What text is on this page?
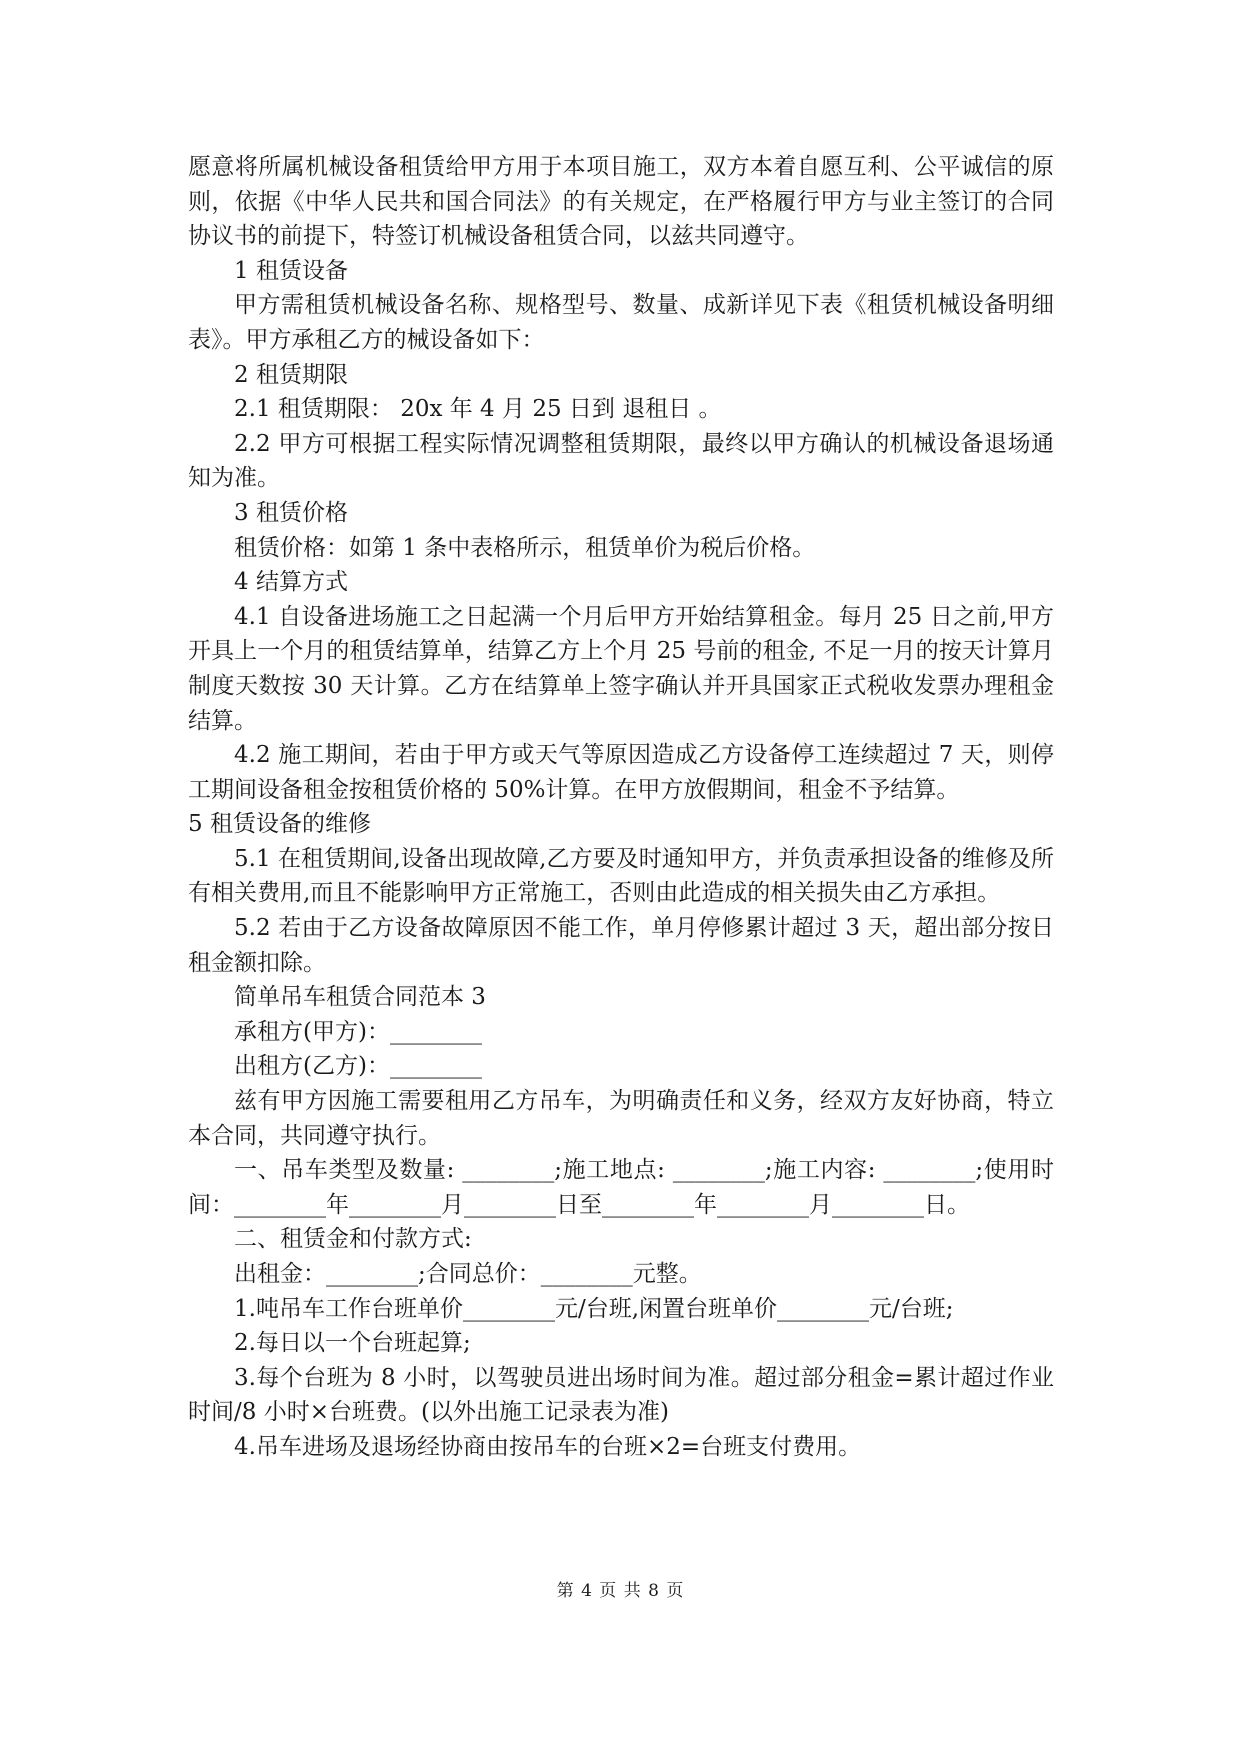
愿意将所属机械设备租赁给甲方用于本项目施工，双方本着自愿互利、公平诚信的原则，依据《中华人民共和国合同法》的有关规定，在严格履行甲方与业主签订的合同协议书的前提下，特签订机械设备租赁合同，以兹共同遵守。

1 租赁设备

甲方需租赁机械设备名称、规格型号、数量、成新详见下表《租赁机械设备明细表》。甲方承租乙方的械设备如下：

2 租赁期限

2.1 租赁期限： 20x 年 4 月 25 日到 退租日 。

2.2 甲方可根据工程实际情况调整租赁期限，最终以甲方确认的机械设备退场通知为准。

3 租赁价格

租赁价格：如第 1 条中表格所示，租赁单价为税后价格。

4 结算方式

4.1 自设备进场施工之日起满一个月后甲方开始结算租金。每月 25 日之前,甲方开具上一个月的租赁结算单，结算乙方上个月 25 号前的租金, 不足一月的按天计算月制度天数按 30 天计算。乙方在结算单上签字确认并开具国家正式税收发票办理租金结算。

4.2 施工期间，若由于甲方或天气等原因造成乙方设备停工连续超过 7 天，则停工期间设备租金按租赁价格的 50%计算。在甲方放假期间，租金不予结算。

5 租赁设备的维修

5.1 在租赁期间,设备出现故障,乙方要及时通知甲方，并负责承担设备的维修及所有相关费用,而且不能影响甲方正常施工，否则由此造成的相关损失由乙方承担。

5.2 若由于乙方设备故障原因不能工作，单月停修累计超过 3 天，超出部分按日租金额扣除。

简单吊车租赁合同范本 3

承租方(甲方)：________

出租方(乙方)：________

兹有甲方因施工需要租用乙方吊车，为明确责任和义务，经双方友好协商，特立本合同，共同遵守执行。

一、吊车类型及数量: ________;施工地点: ________;施工内容: ________;使用时间：________年________月________日至________年________月________日。

二、租赁金和付款方式:

出租金：________;合同总价：________元整。

1.吨吊车工作台班单价________元/台班,闲置台班单价________元/台班;

2.每日以一个台班起算;

3.每个台班为 8 小时，以驾驶员进出场时间为准。超过部分租金=累计超过作业时间/8 小时×台班费。(以外出施工记录表为准)

4.吊车进场及退场经协商由按吊车的台班×2=台班支付费用。

第 4 页 共 8 页
